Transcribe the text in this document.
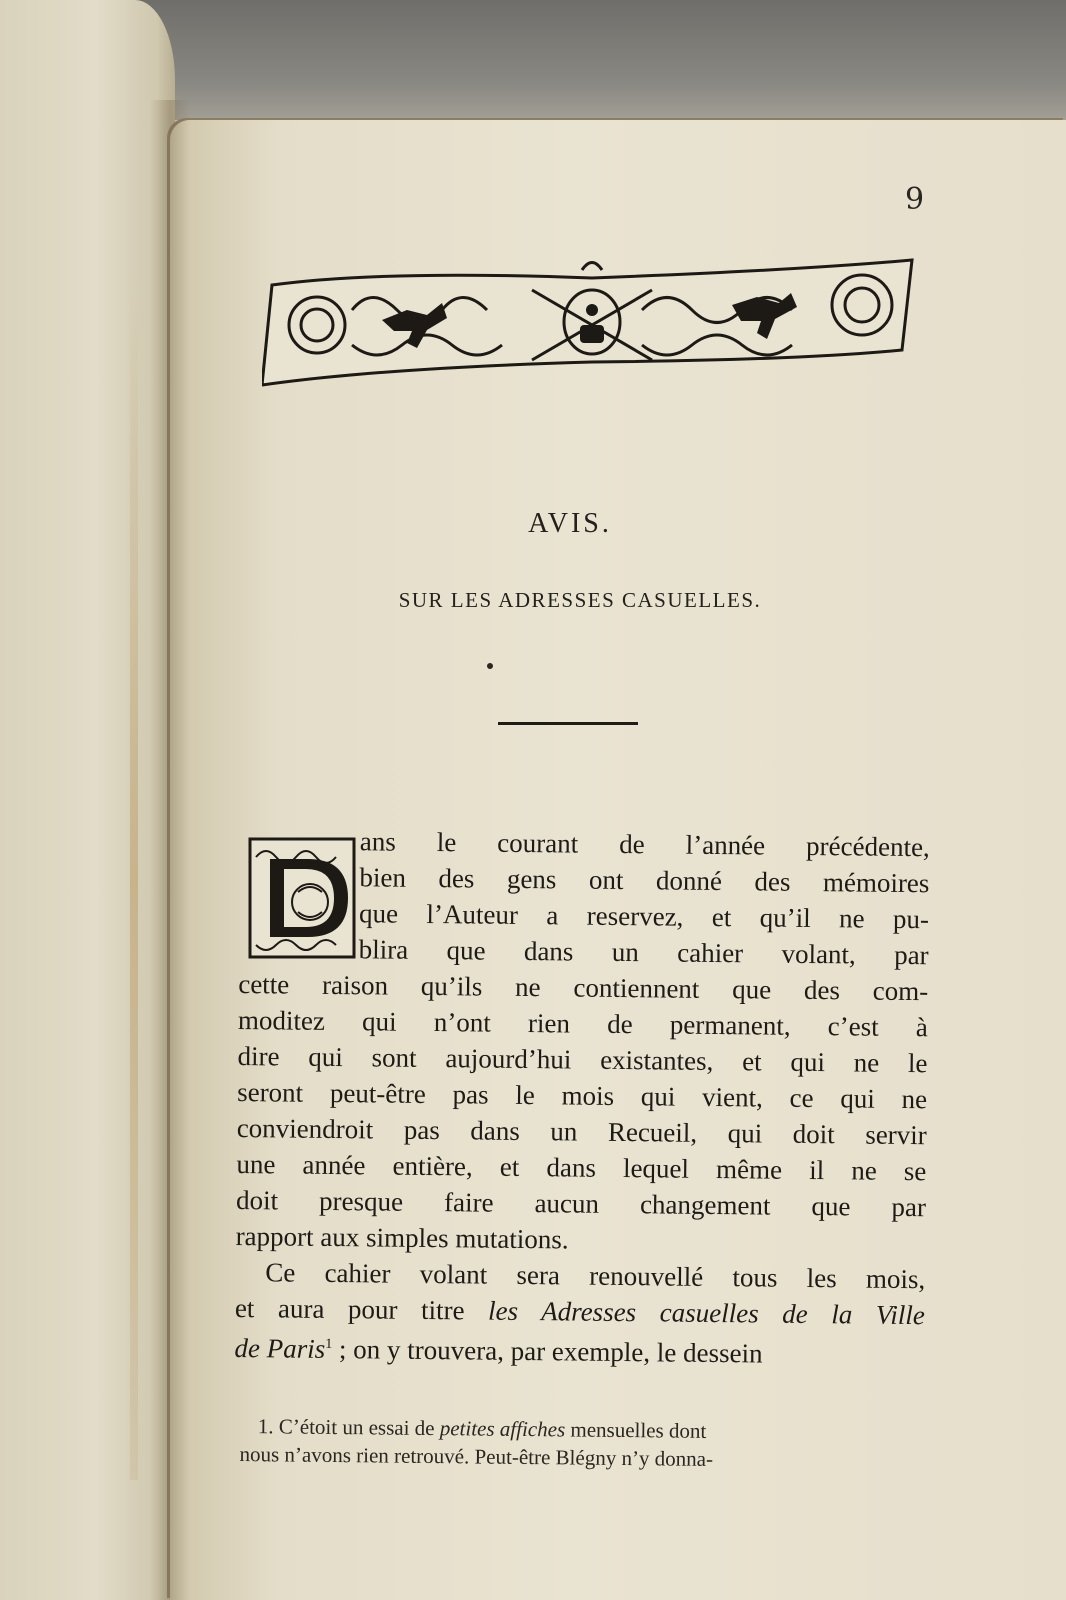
9
AVIS.
SUR LES ADRESSES CASUELLES.
ans le courant de l’année précédente,
bien des gens ont donné des mémoires
que l’Auteur a reservez, et qu’il ne pu-
blira que dans un cahier volant, par
cette raison qu’ils ne contiennent que des com-
moditez qui n’ont rien de permanent, c’est à
dire qui sont aujourd’hui existantes, et qui ne le
seront peut-être pas le mois qui vient, ce qui ne
conviendroit pas dans un Recueil, qui doit servir
une année entière, et dans lequel même il ne se
doit presque faire aucun changement que par
rapport aux simples mutations.
Ce cahier volant sera renouvellé tous les mois,
et aura pour titre les Adresses casuelles de la Ville
de Paris$^1$ ; on y trouvera, par exemple, le dessein
1. C’étoit un essai de petites affiches mensuelles dont
nous n’avons rien retrouvé. Peut-être Blégny n’y donna-
